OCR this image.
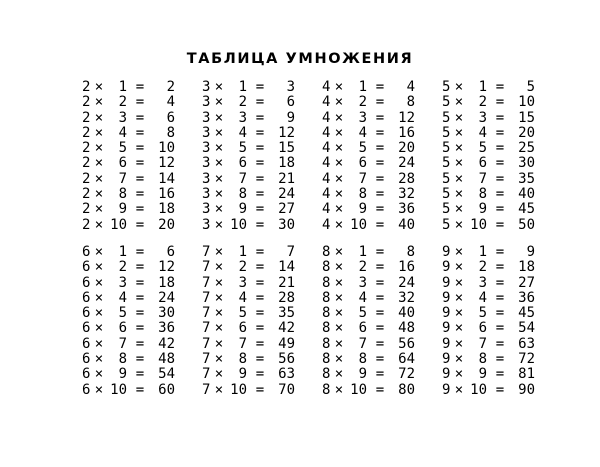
ТАБЛИЦА УМНОЖЕНИЯ
2 ×	1 =	2
2 ×	2 =	4
2 ×	3 =	6
2 ×	4 =	8
2 ×	5 = 10
2 ×	6 = 12
2 ×	7 = 14
2 ×	8 = 16
2 ×	9 = 18
2 × 10 = 20
3 ×	1 =	3
3 ×	2 =	6
3 ×	3 =	9
3 ×	4 = 12
3 ×	5 = 15
3 ×	6 = 18
3 ×	7 = 21
3 ×	8 = 24
3 ×	9 = 27
3 × 10 = 30
4 ×	1 =	4
4 ×	2 =	8
4 ×	3 = 12
4 ×	4 = 16
4 ×	5 = 20
4 ×	6 = 24
4 ×	7 = 28
4 ×	8 = 32
4 ×	9 = 36
4 × 10 = 40
5 ×	1 =	5
5 ×	2 = 10
5 ×	3 = 15
5 ×	4 = 20
5 ×	5 = 25
5 ×	6 = 30
5 ×	7 = 35
5 ×	8 = 40
5 ×	9 = 45
5 × 10 = 50
6 ×	1 =	6
6 ×	2 = 12
6 ×	3 = 18
6 ×	4 = 24
6 ×	5 = 30
6 ×	6 = 36
6 ×	7 = 42
6 ×	8 = 48
6 ×	9 = 54
6 × 10 = 60
7 ×	1 =	7
7 ×	2 = 14
7 ×	3 = 21
7 ×	4 = 28
7 ×	5 = 35
7 ×	6 = 42
7 ×	7 = 49
7 ×	8 = 56
7 ×	9 = 63
7 × 10 = 70
8 ×	1 =	8
8 ×	2 = 16
8 ×	3 = 24
8 ×	4 = 32
8 ×	5 = 40
8 ×	6 = 48
8 ×	7 = 56
8 ×	8 = 64
8 ×	9 = 72
8 × 10 = 80
9 ×	1 =	9
9 ×	2 = 18
9 ×	3 = 27
9 ×	4 = 36
9 ×	5 = 45
9 ×	6 = 54
9 ×	7 = 63
9 ×	8 = 72
9 ×	9 = 81
9 × 10 = 90
